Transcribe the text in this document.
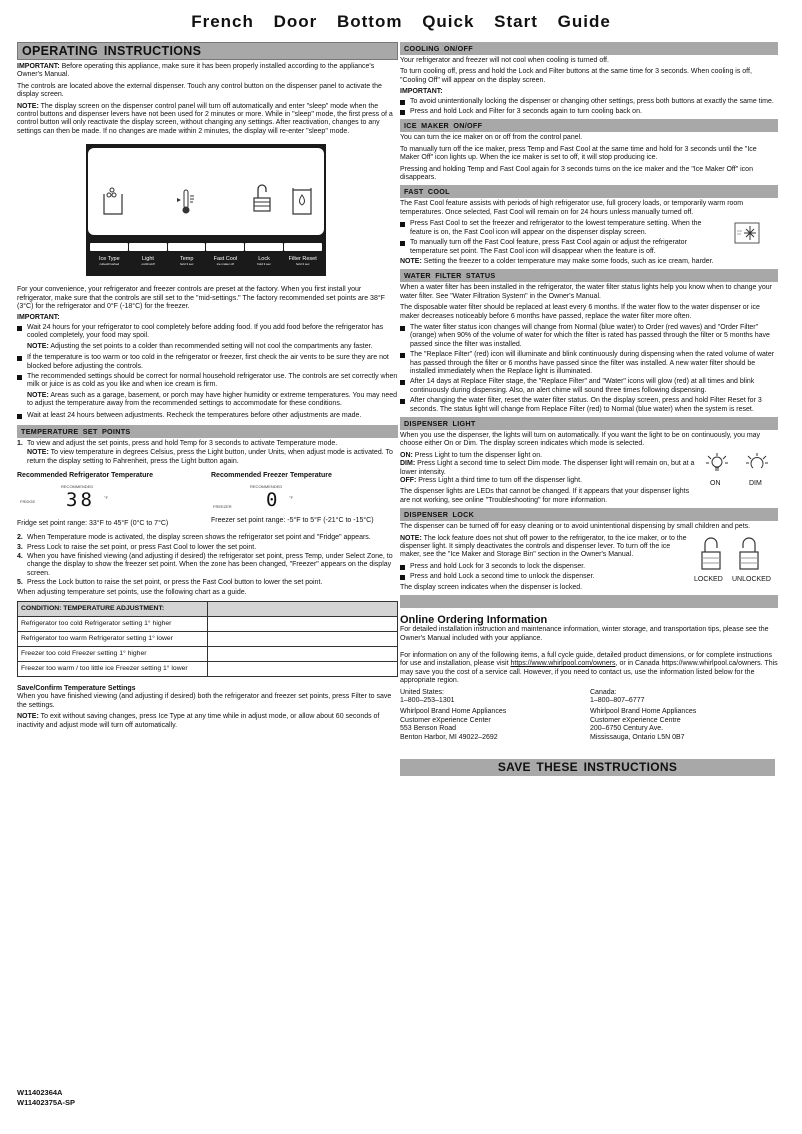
French Door Bottom Quick Start Guide
OPERATING INSTRUCTIONS

IMPORTANT: Before operating this appliance, make sure it has been properly installed according to the appliance's Owner's Manual.

The controls are located above the external dispenser. Touch any control button on the dispenser panel to activate the display screen.

NOTE: The display screen on the dispenser control panel will turn off automatically and enter "sleep" mode when the control buttons and dispenser levers have not been used for 2 minutes or more. While in "sleep" mode, the first press of a control button will only reactivate the display screen, without changing any settings. After reactivation, changes to any settings can then be made. If no changes are made within 2 minutes, the display will re-enter "sleep" mode.

Ice Type
cubed/crushed
Light
on/dim/off
Temp
hold 3 sec
Fast Cool
ice maker off
Lock
hold 3 sec
Filter Reset
hold 3 sec

For your convenience, your refrigerator and freezer controls are preset at the factory. When you first install your refrigerator, make sure that the controls are still set to the "mid-settings." The factory recommended set points are 38°F (3°C) for the refrigerator and 0°F (-18°C) for the freezer.

IMPORTANT:

Wait 24 hours for your refrigerator to cool completely before adding food. If you add food before the refrigerator has cooled completely, your food may spoil.

NOTE: Adjusting the set points to a colder than recommended setting will not cool the compartments any faster.

If the temperature is too warm or too cold in the refrigerator or freezer, first check the air vents to be sure they are not blocked before adjusting the controls.
The recommended settings should be correct for normal household refrigerator use. The controls are set correctly when milk or juice is as cold as you like and when ice cream is firm.

NOTE: Areas such as a garage, basement, or porch may have higher humidity or extreme temperatures. You may need to adjust the temperature away from the recommended settings to accommodate for these conditions.

Wait at least 24 hours between adjustments. Recheck the temperatures before other adjustments are made.
TEMPERATURE SET POINTS
1. To view and adjust the set points, press and hold Temp for 3 seconds to activate Temperature mode.

NOTE: To view temperature in degrees Celsius, press the Light button, under Units, when adjust mode is activated. To return the display setting to Fahrenheit, press the Light button again.

Recommended Refrigerator Temperature	Recommended Freezer Temperature
RECOMMENDED
FRIDGE 38 °F
RECOMMENDED
FREEZER 0 °F
Fridge set point range: 33°F to 45°F (0°C to 7°C)	Freezer set point range: -5°F to 5°F (-21°C to -15°C)
2. When Temperature mode is activated, the display screen shows the refrigerator set point and "Fridge" appears.
3. Press Lock to raise the set point, or press Fast Cool to lower the set point.
4. When you have finished viewing (and adjusting if desired) the refrigerator set point, press Temp, under Select Zone, to change the display to show the freezer set point. When the zone has been changed, "Freezer" appears on the display screen.
5. Press the Lock button to raise the set point, or press the Fast Cool button to lower the set point.

When adjusting temperature set points, use the following chart as a guide.

CONDITION: TEMPERATURE ADJUSTMENT:	
Refrigerator too cold Refrigerator setting 1° higher	
Refrigerator too warm Refrigerator setting 1° lower	
Freezer too cold Freezer setting 1° higher	
Freezer too warm / too little ice Freezer setting 1° lower	
Save/Confirm Temperature Settings

When you have finished viewing (and adjusting if desired) both the refrigerator and freezer set points, press Filter to save the settings.

NOTE: To exit without saving changes, press Ice Type at any time while in adjust mode, or allow about 60 seconds of inactivity and adjust mode will turn off automatically.

W11402364A
W11402375A-SP
COOLING ON/OFF

Your refrigerator and freezer will not cool when cooling is turned off.

To turn cooling off, press and hold the Lock and Filter buttons at the same time for 3 seconds. When cooling is off, "Cooling Off" will appear on the display screen.

IMPORTANT:

To avoid unintentionally locking the dispenser or changing other settings, press both buttons at exactly the same time.
Press and hold Lock and Filter for 3 seconds again to turn cooling back on.
ICE MAKER ON/OFF

You can turn the ice maker on or off from the control panel.

To manually turn off the ice maker, press Temp and Fast Cool at the same time and hold for 3 seconds until the "Ice Maker Off" icon lights up. When the ice maker is set to off, it will stop producing ice.

Pressing and holding Temp and Fast Cool again for 3 seconds turns on the ice maker and the "Ice Maker Off" icon disappears.

FAST COOL

The Fast Cool feature assists with periods of high refrigerator use, full grocery loads, or temporarily warm room temperatures. Once selected, Fast Cool will remain on for 24 hours unless manually turned off.

Press Fast Cool to set the freezer and refrigerator to the lowest temperature setting. When the feature is on, the Fast Cool icon will appear on the dispenser display screen.
To manually turn off the Fast Cool feature, press Fast Cool again or adjust the refrigerator temperature set point. The Fast Cool icon will disappear when the feature is off.

NOTE: Setting the freezer to a colder temperature may make some foods, such as ice cream, harder.

WATER FILTER STATUS

When a water filter has been installed in the refrigerator, the water filter status lights help you know when to change your water filter. See "Water Filtration System" in the Owner's Manual.

The disposable water filter should be replaced at least every 6 months. If the water flow to the water dispenser or ice maker decreases noticeably before 6 months have passed, replace the water filter more often.

The water filter status icon changes will change from Normal (blue water) to Order (red waves) and "Order Filter" (orange) when 90% of the volume of water for which the filter is rated has passed through the filter or 5 months have passed since the filter was installed.
The "Replace Filter" (red) icon will illuminate and blink continuously during dispensing when the rated volume of water has passed through the filter or 6 months have passed since the filter was installed. A new water filter should be installed immediately when the Replace light is illuminated.
After 14 days at Replace Filter stage, the "Replace Filter" and "Water" icons will glow (red) at all times and blink continuously during dispensing. Also, an alert chime will sound three times following dispensing.
After changing the water filter, reset the water filter status. On the display screen, press and hold Filter Reset for 3 seconds. The status light will change from Replace Filter (red) to Normal (blue water) when the system is reset.
DISPENSER LIGHT

When you use the dispenser, the lights will turn on automatically. If you want the light to be on continuously, you may choose either On or Dim. The display screen indicates which mode is selected.

ON: Press Light to turn the dispenser light on.
DIM: Press Light a second time to select Dim mode. The dispenser light will remain on, but at a lower intensity.

OFF: Press Light a third time to turn off the dispenser light.

The dispenser lights are LEDs that cannot be changed. If it appears that your dispenser lights are not working, see online "Troubleshooting" for more information.

ON	DIM
DISPENSER LOCK

The dispenser can be turned off for easy cleaning or to avoid unintentional dispensing by small children and pets.

NOTE: The lock feature does not shut off power to the refrigerator, to the ice maker, or to the dispenser light. It simply deactivates the controls and dispenser lever. To turn off the ice maker, see the "Ice Maker and Storage Bin" section in the Owner's Manual.

Press and hold Lock for 3 seconds to lock the dispenser.
Press and hold Lock a second time to unlock the dispenser.

The display screen indicates when the dispenser is locked.

LOCKED UNLOCKED
Online Ordering Information

For detailed installation instruction and maintenance information, winter storage, and transportation tips, please see the Owner's Manual included with your appliance.

For information on any of the following items, a full cycle guide, detailed product dimensions, or for complete instructions for use and installation, please visit https://www.whirlpool.com/owners, or in Canada https://www.whirlpool.ca/owners. This may save you the cost of a service call. However, if you need to contact us, use the information listed below for the appropriate region.

United States:
1–800–253–1301

Whirlpool Brand Home Appliances
Customer eXperience Center
553 Benson Road
Benton Harbor, MI 49022–2692

Canada:
1–800–807–6777

Whirlpool Brand Home Appliances
Customer eXperience Centre
200–6750 Century Ave.
Mississauga, Ontario L5N 0B7

SAVE THESE INSTRUCTIONS
